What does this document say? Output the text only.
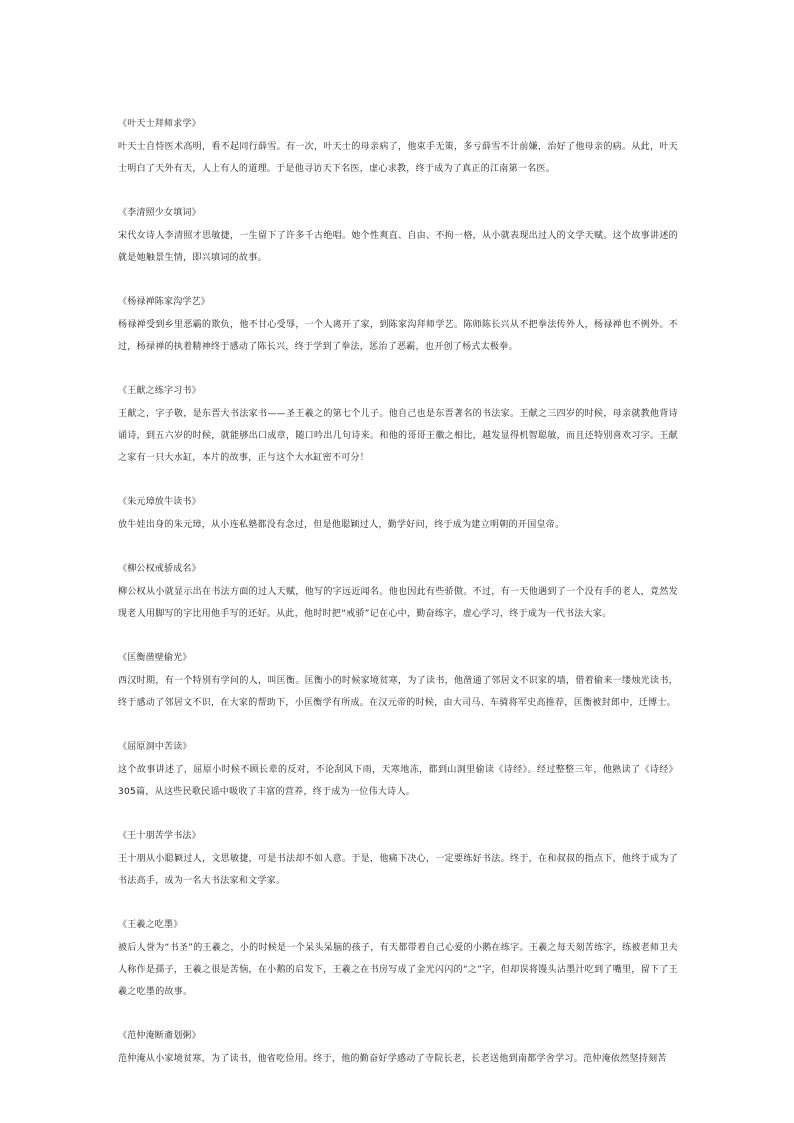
《叶天士拜师求学》

叶天士自恃医术高明，看不起同行薛雪。有一次，叶天士的母亲病了，他束手无策，多亏薛雪不计前嫌，治好了他母亲的病。从此，叶天士明白了天外有天，人上有人的道理。于是他寻访天下名医，虚心求教，终于成为了真正的江南第一名医。

《李清照少女填词》

宋代女诗人李清照才思敏捷，一生留下了许多千古绝唱。她个性爽直、自由、不拘一格，从小就表现出过人的文学天赋。这个故事讲述的就是她触景生情，即兴填词的故事。

《杨禄禅陈家沟学艺》

杨禄禅受到乡里恶霸的欺负，他不甘心受辱，一个人离开了家，到陈家沟拜师学艺。陈师陈长兴从不把拳法传外人，杨禄禅也不例外。不过，杨禄禅的执着精神终于感动了陈长兴，终于学到了拳法，惩治了恶霸，也开创了杨式太极拳。

《王献之练字习书》

王献之，字子敬，是东晋大书法家书——圣王羲之的第七个儿子。他自己也是东晋著名的书法家。王献之三四岁的时候，母亲就教他背诗诵诗，到五六岁的时候，就能够出口成章，随口吟出几句诗来。和他的哥哥王徽之相比，越发显得机智聪敏，而且还特别喜欢习字。王献之家有一只大水缸，本片的故事，正与这个大水缸密不可分！

《朱元璋放牛读书》

放牛娃出身的朱元璋，从小连私塾都没有念过，但是他聪颖过人，勤学好问，终于成为建立明朝的开国皇帝。

《柳公权戒骄成名》

柳公权从小就显示出在书法方面的过人天赋，他写的字远近闻名。他也因此有些骄傲。不过，有一天他遇到了一个没有手的老人，竟然发现老人用脚写的字比用他手写的还好。从此，他时时把“戒骄”记在心中，勤奋练字，虚心学习，终于成为一代书法大家。

《匡衡凿壁偷光》

西汉时期，有一个特别有学问的人，叫匡衡。匡衡小的时候家境贫寒，为了读书，他凿通了邻居文不识家的墙，借着偷来一缕烛光读书，终于感动了邻居文不识，在大家的帮助下，小匡衡学有所成。在汉元帝的时候，由大司马、车骑将军史高推荐，匡衡被封郎中，迁博士。

《屈原洞中苦读》

这个故事讲述了，屈原小时候不顾长辈的反对，不论刮风下雨，天寒地冻，都到山洞里偷读《诗经》。经过整整三年，他熟读了《诗经》305篇，从这些民歌民谣中吸收了丰富的营养，终于成为一位伟大诗人。

《王十朋苦学书法》

王十朋从小聪颖过人，文思敏捷，可是书法却不如人意。于是，他痛下决心，一定要练好书法。终于，在和叔叔的指点下，他终于成为了书法高手，成为一名大书法家和文学家。

《王羲之吃墨》

被后人誉为“书圣”的王羲之，小的时候是一个呆头呆脑的孩子，有天都带着自己心爱的小鹅在练字。王羲之每天刻苦练字，练被老师卫夫人称作是孺子，王羲之很是苦恼，在小鹅的启发下，王羲之在书房写成了金光闪闪的“之”字，但却误将馒头沾墨汁吃到了嘴里，留下了王羲之吃墨的故事。

《范仲淹断齑划粥》

范仲淹从小家境贫寒，为了读书，他省吃俭用。终于，他的勤奋好学感动了寺院长老，长老送他到南都学舍学习。范仲淹依然坚持刻苦
